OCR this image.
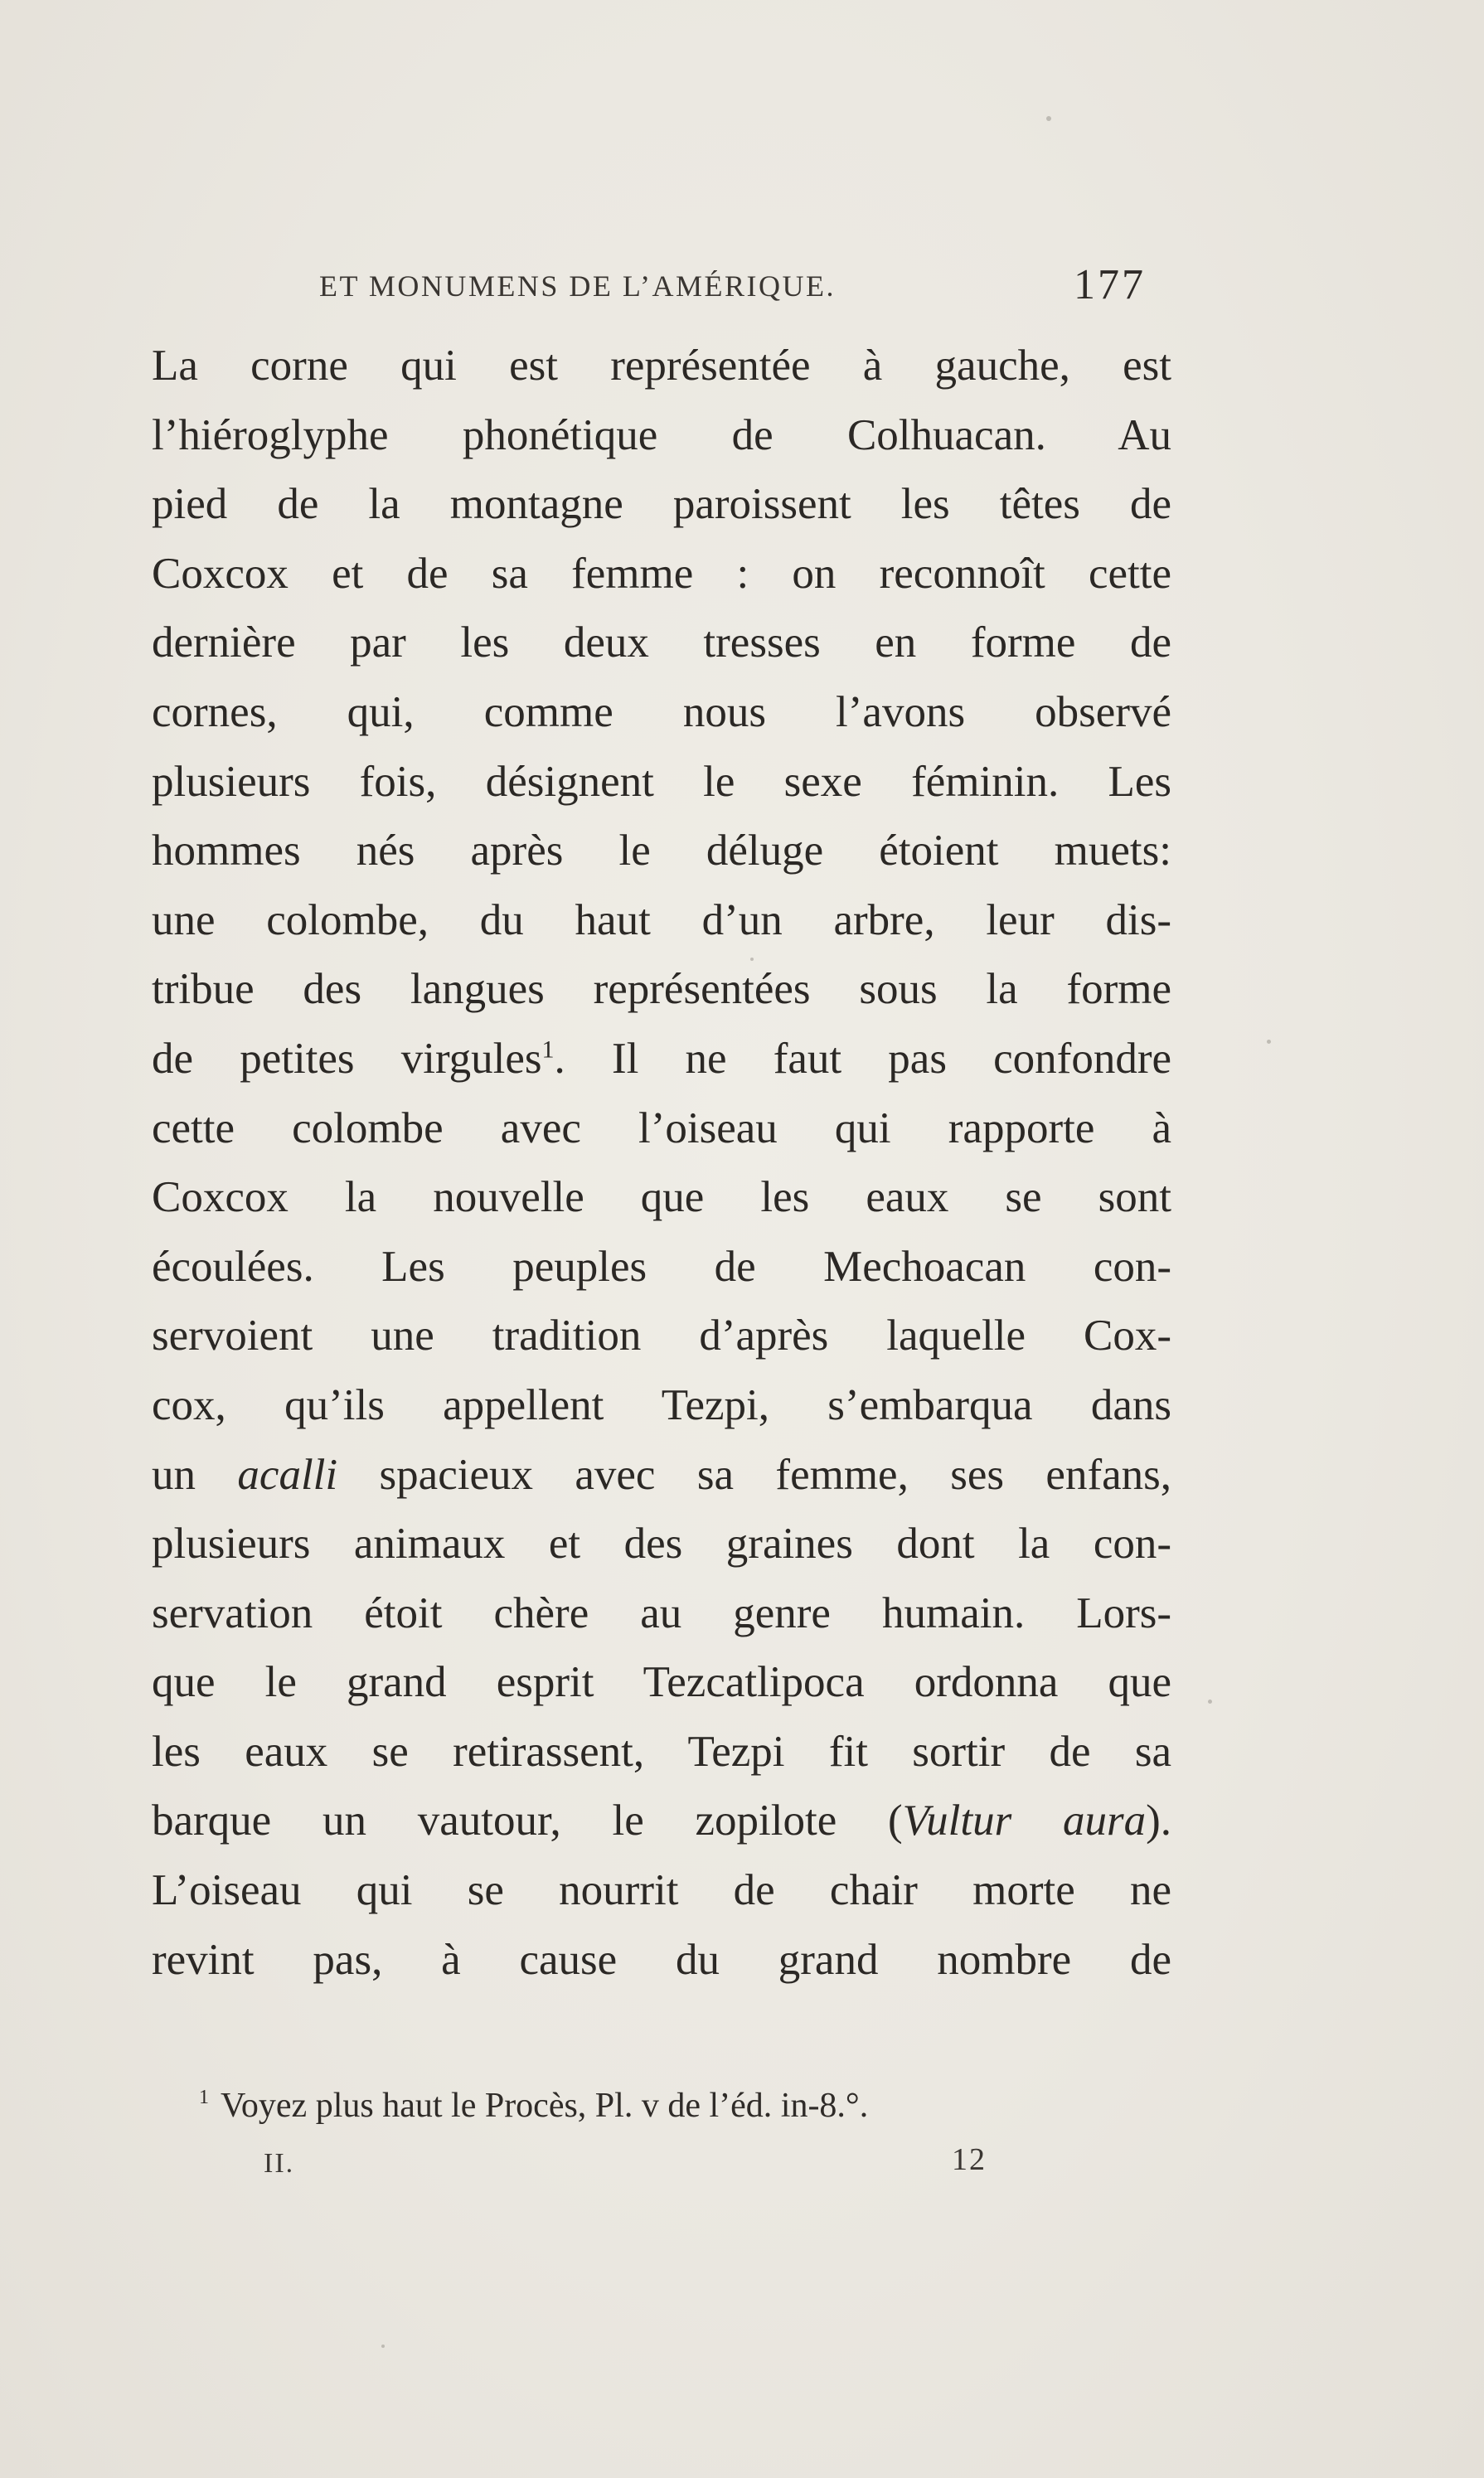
ET MONUMENS DE L’AMÉRIQUE.	177
La corne qui est représentée à gauche, est
l’hiéroglyphe phonétique de Colhuacan. Au
pied de la montagne paroissent les têtes de
Coxcox et de sa femme : on reconnoît cette
dernière par les deux tresses en forme de
cornes, qui, comme nous l’avons observé
plusieurs fois, désignent le sexe féminin. Les
hommes nés après le déluge étoient muets:
une colombe, du haut d’un arbre, leur dis-
tribue des langues représentées sous la forme
de petites virgules$^1$. Il ne faut pas confondre
cette colombe avec l’oiseau qui rapporte à
Coxcox la nouvelle que les eaux se sont
écoulées. Les peuples de Mechoacan con-
servoient une tradition d’après laquelle Cox-
cox, qu’ils appellent Tezpi, s’embarqua dans
un acalli spacieux avec sa femme, ses enfans,
plusieurs animaux et des graines dont la con-
servation étoit chère au genre humain. Lors-
que le grand esprit Tezcatlipoca ordonna que
les eaux se retirassent, Tezpi fit sortir de sa
barque un vautour, le zopilote (Vultur aura).
L’oiseau qui se nourrit de chair morte ne
revint pas, à cause du grand nombre de
$^1$ Voyez plus haut le Procès, Pl. v de l’éd. in-8.°.
II.	12
